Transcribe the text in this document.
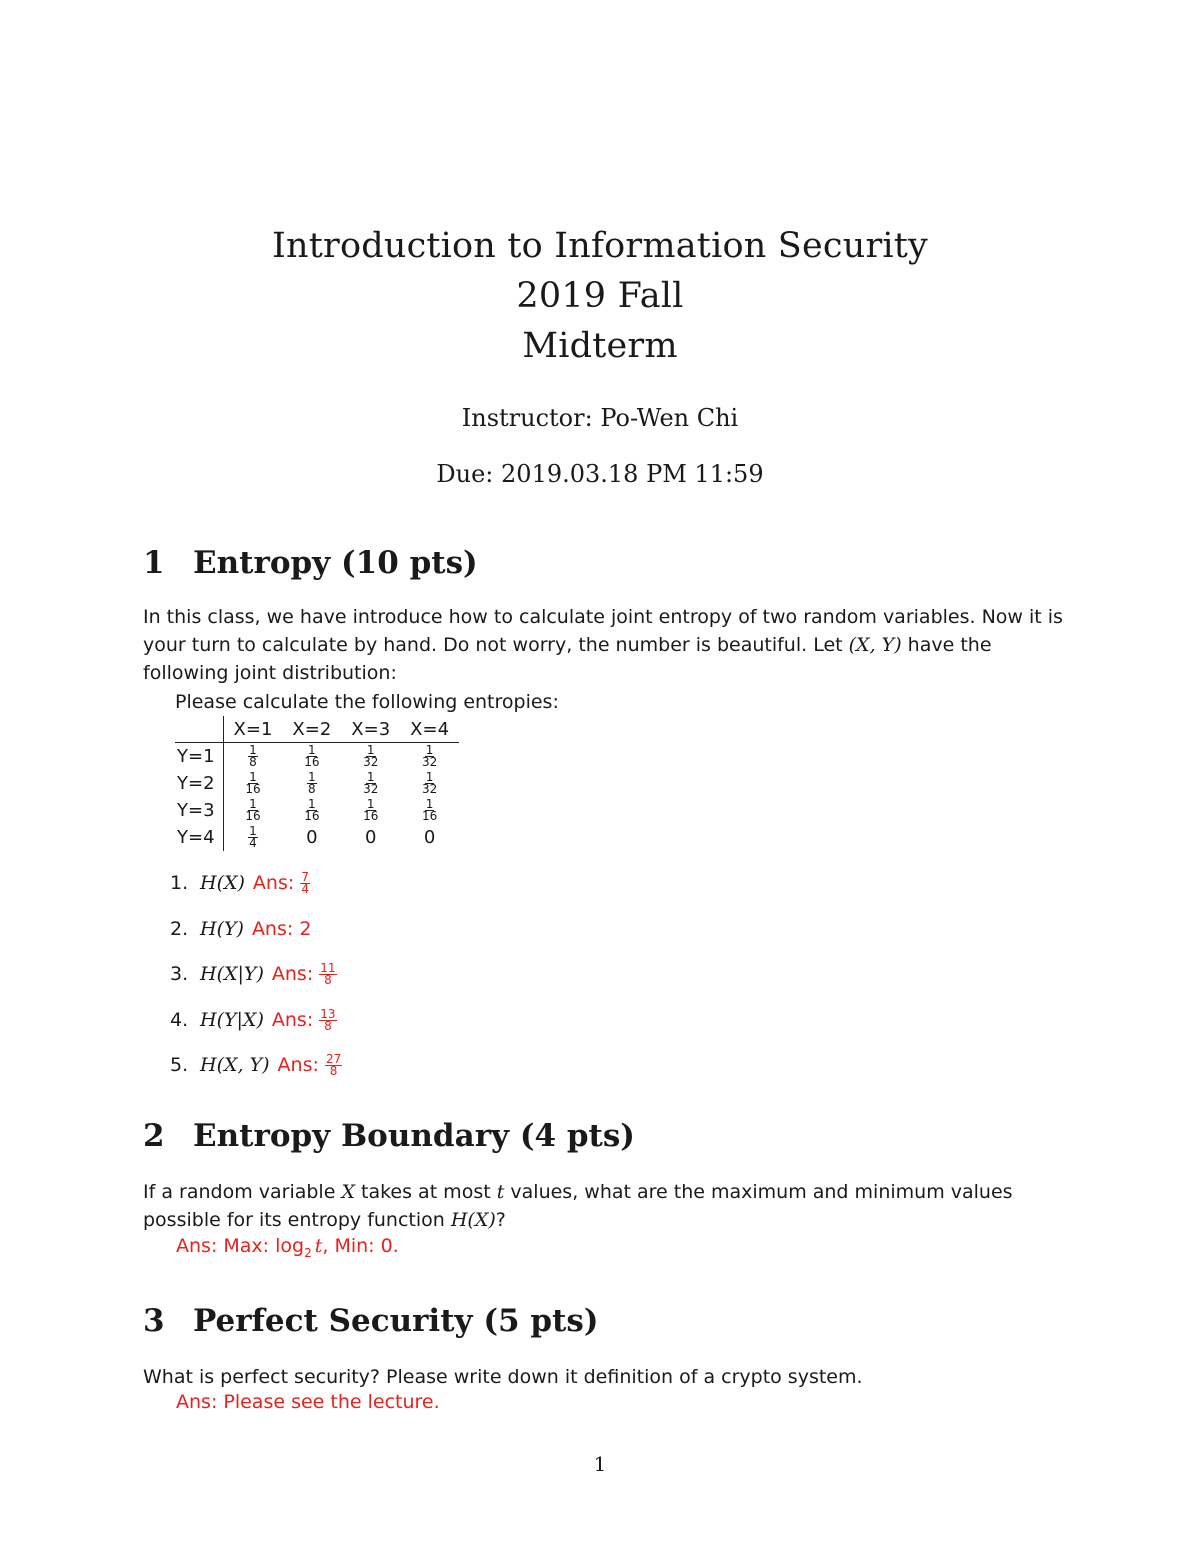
Introduction to Information Security
2019 Fall
Midterm
Instructor: Po-Wen Chi
Due: 2019.03.18 PM 11:59
1 Entropy (10 pts)
In this class, we have introduce how to calculate joint entropy of two random variables. Now it is your turn to calculate by hand. Do not worry, the number is beautiful. Let (X, Y) have the following joint distribution:
Please calculate the following entropies:
	X=1	X=2	X=3	X=4
Y=1	$\frac{1}{8}$	$\frac{1}{16}$	$\frac{1}{32}$	$\frac{1}{32}$

Y=2	$\frac{1}{16}$	$\frac{1}{8}$	$\frac{1}{32}$	$\frac{1}{32}$

Y=3	$\frac{1}{16}$	$\frac{1}{16}$	$\frac{1}{16}$	$\frac{1}{16}$

Y=4	$\frac{1}{4}$	0	0	0
1. H(X) Ans: $\frac{7}{4}$
2. H(Y) Ans: 2
3. H(X|Y) Ans: $\frac{11}{8}$
4. H(Y|X) Ans: $\frac{13}{8}$
5. H(X, Y) Ans: $\frac{27}{8}$
2 Entropy Boundary (4 pts)
If a random variable X takes at most t values, what are the maximum and minimum values possible for its entropy function H(X)?
Ans: Max: $\log_2 t$, Min: 0.
3 Perfect Security (5 pts)
What is perfect security? Please write down it definition of a crypto system.
Ans: Please see the lecture.
1
